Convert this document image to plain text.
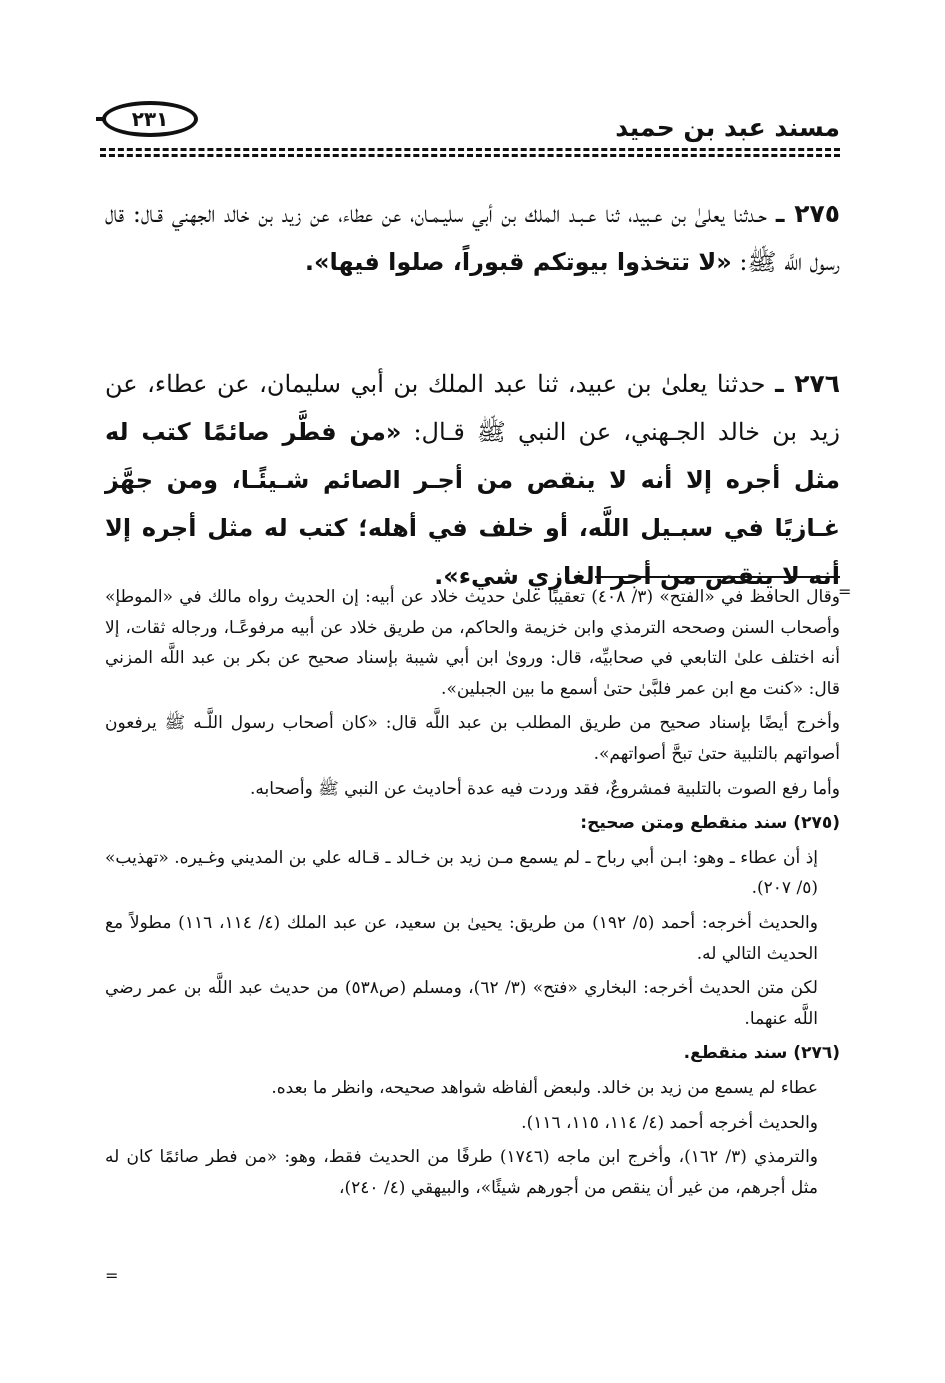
مسند عبد بن حميد
٢٣١
٢٧٥ ـ حـدثنا يعلىٰ بن عـبيد، ثنا عـبـد الملك بن أبي سليـمـان، عن عطاء، عن زيد بن خالد الجهني قـال: قال رسول اللَّه ﷺ: «لا تتخذوا بيوتكم قبوراً، صلوا فيها».
٢٧٦ ـ حدثنا يعلىٰ بن عبيد، ثنا عبد الملك بن أبي سليمان، عن عطاء، عن زيد بن خالد الجـهني، عن النبي ﷺ قـال: «من فطَّر صائمًا كتب له مثل أجره إلا أنه لا ينقص من أجـر الصائم شـيئًـا، ومن جهَّز غـازيًا في سبـيل اللَّه، أو خلف في أهله؛ كتب له مثل أجره إلا أنه لا ينقص من أجر الغازي شيء».
=

وقال الحافظ في «الفتح» (٣/ ٤٠٨) تعقيبًا علىٰ حديث خلاد عن أبيه: إن الحديث رواه مالك في «الموطإ» وأصحاب السنن وصححه الترمذي وابن خزيمة والحاكم، من طريق خلاد عن أبيه مرفوعًـا، ورجاله ثقات، إلا أنه اختلف علىٰ التابعي في صحابيِّه، قال: وروىٰ ابن أبي شيبة بإسناد صحيح عن بكر بن عبد اللَّه المزني قال: «كنت مع ابن عمر فلبَّىٰ حتىٰ أسمع ما بين الجبلين».

وأخرج أيضًا بإسناد صحيح من طريق المطلب بن عبد اللَّه قال: «كان أصحاب رسول اللَّـه ﷺ يرفعون أصواتهم بالتلبية حتىٰ تبحَّ أصواتهم».

وأما رفع الصوت بالتلبية فمشروعٌ، فقد وردت فيه عدة أحاديث عن النبي ﷺ وأصحابه.

(٢٧٥) سند منقطع ومتن صحيح:

إذ أن عطاء ـ وهو: ابـن أبي رباح ـ لم يسمع مـن زيد بن خـالد ـ قـاله علي بن المديني وغـيره. «تهذيب» (٥/ ٢٠٧).

والحديث أخرجه: أحمد (٥/ ١٩٢) من طريق: يحيىٰ بن سعيد، عن عبد الملك (٤/ ١١٤، ١١٦) مطولاً مع الحديث التالي له.

لكن متن الحديث أخرجه: البخاري «فتح» (٣/ ٦٢)، ومسلم (ص٥٣٨) من حديث عبد اللَّه بن عمر رضي اللَّه عنهما.

(٢٧٦) سند منقطع.

عطاء لم يسمع من زيد بن خالد. ولبعض ألفاظه شواهد صحيحه، وانظر ما بعده.

والحديث أخرجه أحمد (٤/ ١١٤، ١١٥، ١١٦).

والترمذي (٣/ ١٦٢)، وأخرج ابن ماجه (١٧٤٦) طرفًا من الحديث فقط، وهو: «من فطر صائمًا كان له مثل أجرهم، من غير أن ينقص من أجورهم شيئًا»، والبيهقي (٤/ ٢٤٠)،

=
